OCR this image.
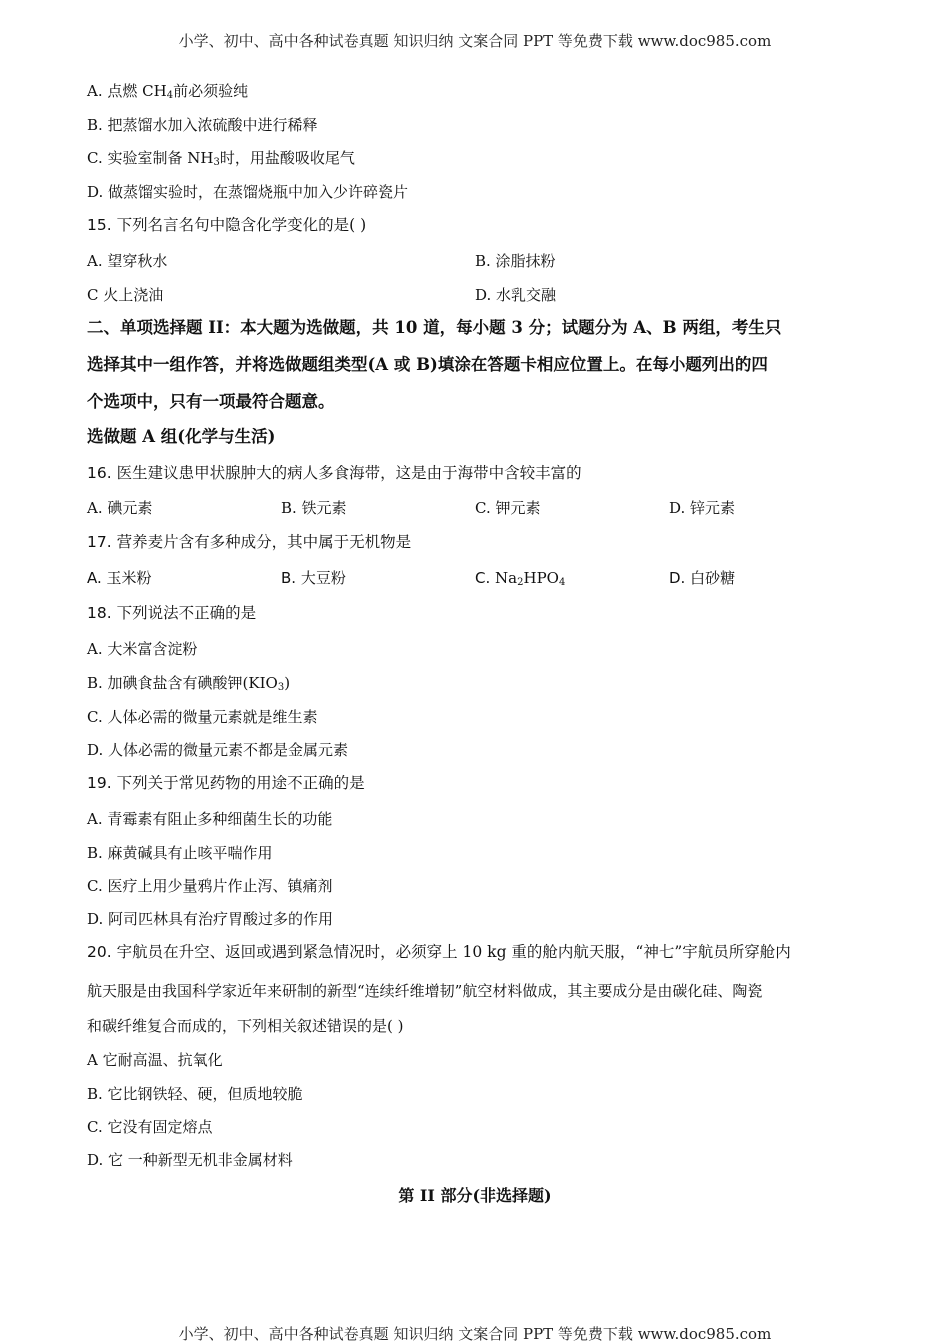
小学、初中、高中各种试卷真题 知识归纳 文案合同 PPT 等免费下载 www.doc985.com
A. 点燃 $CH_4$前必须验纯
B. 把蒸馏水加入浓硫酸中进行稀释
C. 实验室制备 $NH_3$时，用盐酸吸收尾气
D. 做蒸馏实验时，在蒸馏烧瓶中加入少许碎瓷片
15. 下列名言名句中隐含化学变化的是( )
A. 望穿秋水	B. 涂脂抹粉
C 火上浇油	D. 水乳交融
二、单项选择题 II：本大题为选做题，共 10 道，每小题 3 分；试题分为 A、B 两组，考生只
选择其中一组作答，并将选做题组类型(A 或 B)填涂在答题卡相应位置上。在每小题列出的四
个选项中，只有一项最符合题意。
选做题 A 组(化学与生活)
16. 医生建议患甲状腺肿大的病人多食海带，这是由于海带中含较丰富的
A. 碘元素	B. 铁元素	C. 钾元素	D. 锌元素
17. 营养麦片含有多种成分，其中属于无机物是
A. 玉米粉	B. 大豆粉	C. $Na_2HPO_4$	D. 白砂糖
18. 下列说法不正确的是
A. 大米富含淀粉
B. 加碘食盐含有碘酸钾$(KIO_3)$
C. 人体必需的微量元素就是维生素
D. 人体必需的微量元素不都是金属元素
19. 下列关于常见药物的用途不正确的是
A. 青霉素有阻止多种细菌生长的功能
B. 麻黄碱具有止咳平喘作用
C. 医疗上用少量鸦片作止泻、镇痛剂
D. 阿司匹林具有治疗胃酸过多的作用
20. 宇航员在升空、返回或遇到紧急情况时，必须穿上 10 kg 重的舱内航天服，“神七”宇航员所穿舱内
航天服是由我国科学家近年来研制的新型“连续纤维增韧”航空材料做成，其主要成分是由碳化硅、陶瓷
和碳纤维复合而成的，下列相关叙述错误的是( )
A 它耐高温、抗氧化
B. 它比钢铁轻、硬，但质地较脆
C. 它没有固定熔点
D. 它 一种新型无机非金属材料
第 II 部分(非选择题)
小学、初中、高中各种试卷真题 知识归纳 文案合同 PPT 等免费下载 www.doc985.com
